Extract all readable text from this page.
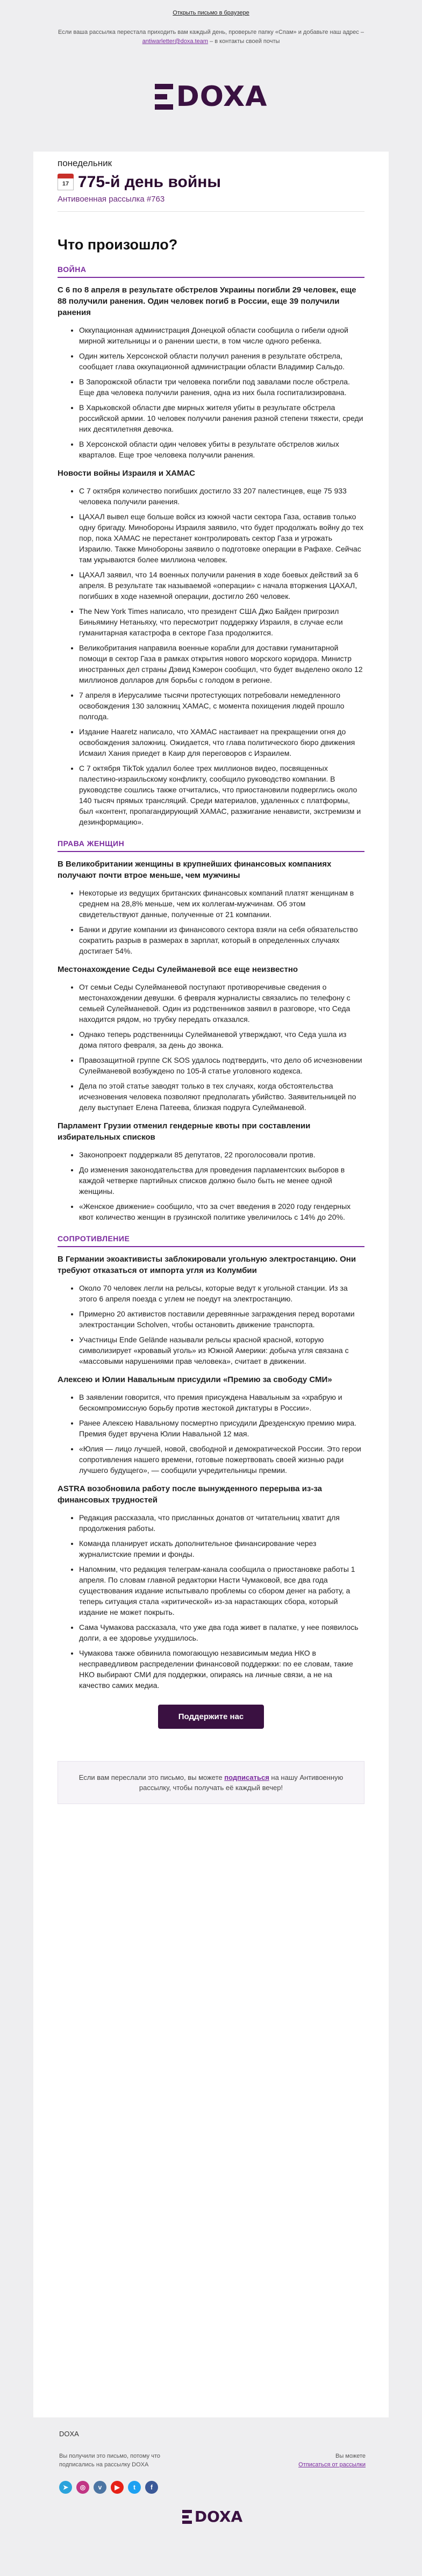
Открыть письмо в браузере
Если ваша рассылка перестала приходить вам каждый день, проверьте папку «Спам» и добавьте наш адрес – antiwarletter@doxa.team – в контакты своей почты
DOXA
понедельник
17 775-й день войны
Антивоенная рассылка #763
Что произошло?
ВОЙНА

С 6 по 8 апреля в результате обстрелов Украины погибли 29 человек, еще 88 получили ранения. Один человек погиб в России, еще 39 получили ранения

• Оккупационная администрация Донецкой области сообщила о гибели одной мирной жительницы и о ранении шести, в том числе одного ребенка.
• Один житель Херсонской области получил ранения в результате обстрела, сообщает глава оккупационной администрации области Владимир Сальдо.
• В Запорожской области три человека погибли под завалами после обстрела. Еще два человека получили ранения, одна из них была госпитализирована.
• В Харьковской области две мирных жителя убиты в результате обстрела российской армии. 10 человек получили ранения разной степени тяжести, среди них десятилетняя девочка.
• В Херсонской области один человек убиты в результате обстрелов жилых кварталов. Еще трое человека получили ранения.

Новости войны Израиля и ХАМАС

• С 7 октября количество погибших достигло 33 207 палестинцев, еще 75 933 человека получили ранения.
• ЦАХАЛ вывел еще больше войск из южной части сектора Газа, оставив только одну бригаду. Минобороны Израиля заявило, что будет продолжать войну до тех пор, пока ХАМАС не перестанет контролировать сектор Газа и угрожать Израилю. Также Минобороны заявило о подготовке операции в Рафахе. Сейчас там укрываются более миллиона человек.
• ЦАХАЛ заявил, что 14 военных получили ранения в ходе боевых действий за 6 апреля. В результате так называемой «операции» с начала вторжения ЦАХАЛ, погибших в ходе наземной операции, достигло 260 человек.
• The New York Times написало, что президент США Джо Байден пригрозил Биньямину Нетаньяху, что пересмотрит поддержку Израиля, в случае если гуманитарная катастрофа в секторе Газа продолжится.
• Великобритания направила военные корабли для доставки гуманитарной помощи в сектор Газа в рамках открытия нового морского коридора. Министр иностранных дел страны Дэвид Кэмерон сообщил, что будет выделено около 12 миллионов долларов для борьбы с голодом в регионе.
• 7 апреля в Иерусалиме тысячи протестующих потребовали немедленного освобождения 130 заложниц ХАМАС, с момента похищения людей прошло полгода.
• Издание Haaretz написало, что ХАМАС настаивает на прекращении огня до освобождения заложниц. Ожидается, что глава политического бюро движения Исмаил Хания приедет в Каир для переговоров с Израилем.
• С 7 октября TikTok удалил более трех миллионов видео, посвященных палестино-израильскому конфликту, сообщило руководство компании. В руководстве сошлись также отчитались, что приостановили подверглись около 140 тысяч прямых трансляций. Среди материалов, удаленных с платформы, был «контент, пропагандирующий ХАМАС, разжигание ненависти, экстремизм и дезинформацию».
ПРАВА ЖЕНЩИН

В Великобритании женщины в крупнейших финансовых компаниях получают почти втрое меньше, чем мужчины

• Некоторые из ведущих британских финансовых компаний платят женщинам в среднем на 28,8% меньше, чем их коллегам-мужчинам. Об этом свидетельствуют данные, полученные от 21 компании.
• Банки и другие компании из финансового сектора взяли на себя обязательство сократить разрыв в размерах в зарплат, который в определенных случаях достигает 54%.

Местонахождение Седы Сулейманевой все еще неизвестно

• От семьи Седы Сулейманевой поступают противоречивые сведения о местонахождении девушки. 6 февраля журналисты связались по телефону с семьей Сулейманевой. Один из родственников заявил в разговоре, что Седа находится рядом, но трубку передать отказался.
• Однако теперь родственницы Сулейманевой утверждают, что Седа ушла из дома пятого февраля, за день до звонка.
• Правозащитной группе СК SOS удалось подтвердить, что дело об исчезновении Сулейманевой возбуждено по 105-й статье уголовного кодекса.
• Дела по этой статье заводят только в тех случаях, когда обстоятельства исчезновения человека позволяют предполагать убийство. Заявительницей по делу выступает Елена Патеева, близкая подруга Сулейманевой.

Парламент Грузии отменил гендерные квоты при составлении избирательных списков

• Законопроект поддержали 85 депутатов, 22 проголосовали против.
• До изменения законодательства для проведения парламентских выборов в каждой четверке партийных списков должно было быть не менее одной женщины.
• «Женское движение» сообщило, что за счет введения в 2020 году гендерных квот количество женщин в грузинской политике увеличилось с 14% до 20%.
СОПРОТИВЛЕНИЕ

В Германии экоактивисты заблокировали угольную электростанцию. Они требуют отказаться от импорта угля из Колумбии

• Около 70 человек легли на рельсы, которые ведут к угольной станции. Из за этого 6 апреля поезда с углем не поедут на электростанцию.
• Примерно 20 активистов поставили деревянные заграждения перед воротами электростанции Scholven, чтобы остановить движение транспорта.
• Участницы Ende Gelände называли рельсы красной красной, которую символизирует «кровавый уголь» из Южной Америки: добыча угля связана с «массовыми нарушениями прав человека», считает в движении.

Алексею и Юлии Навальным присудили «Премию за свободу СМИ»

• В заявлении говорится, что премия присуждена Навальным за «храбрую и бескомпромиссную борьбу против жестокой диктатуры в России».
• Ранее Алексею Навальному посмертно присудили Дрезденскую премию мира. Премия будет вручена Юлии Навальной 12 мая.
• «Юлия — лицо лучшей, новой, свободной и демократической России. Это герои сопротивления нашего времени, готовые пожертвовать своей жизнью ради лучшего будущего», — сообщили учредительницы премии.

ASTRA возобновила работу после вынужденного перерыва из-за финансовых трудностей

• Редакция рассказала, что присланных донатов от читательниц хватит для продолжения работы.
• Команда планирует искать дополнительное финансирование через журналистские премии и фонды.
• Напомним, что редакция телеграм-канала сообщила о приостановке работы 1 апреля. По словам главной редакторки Насти Чумаковой, все два года существования издание испытывало проблемы со сбором денег на работу, а теперь ситуация стала «критической» из-за нарастающих сбора, который издание не может покрыть.
• Сама Чумакова рассказала, что уже два года живет в палатке, у нее появилось долги, а ее здоровье ухудшилось.
• Чумакова также обвинила помогающую независимым медиа НКО в несправедливом распределении финансовой поддержки: по ее словам, такие НКО выбирают СМИ для поддержки, опираясь на личные связи, а не на качество самих медиа.
Поддержите нас
Если вам переслали это письмо, вы можете подписаться на нашу Антивоенную рассылку, чтобы получать её каждый вечер!
DOXA
Вы получили это письмо, потому что подписались на рассылку DOXA
Вы можете
Отписаться от рассылки
➤	◎	v	▶	t	f
DOXA
